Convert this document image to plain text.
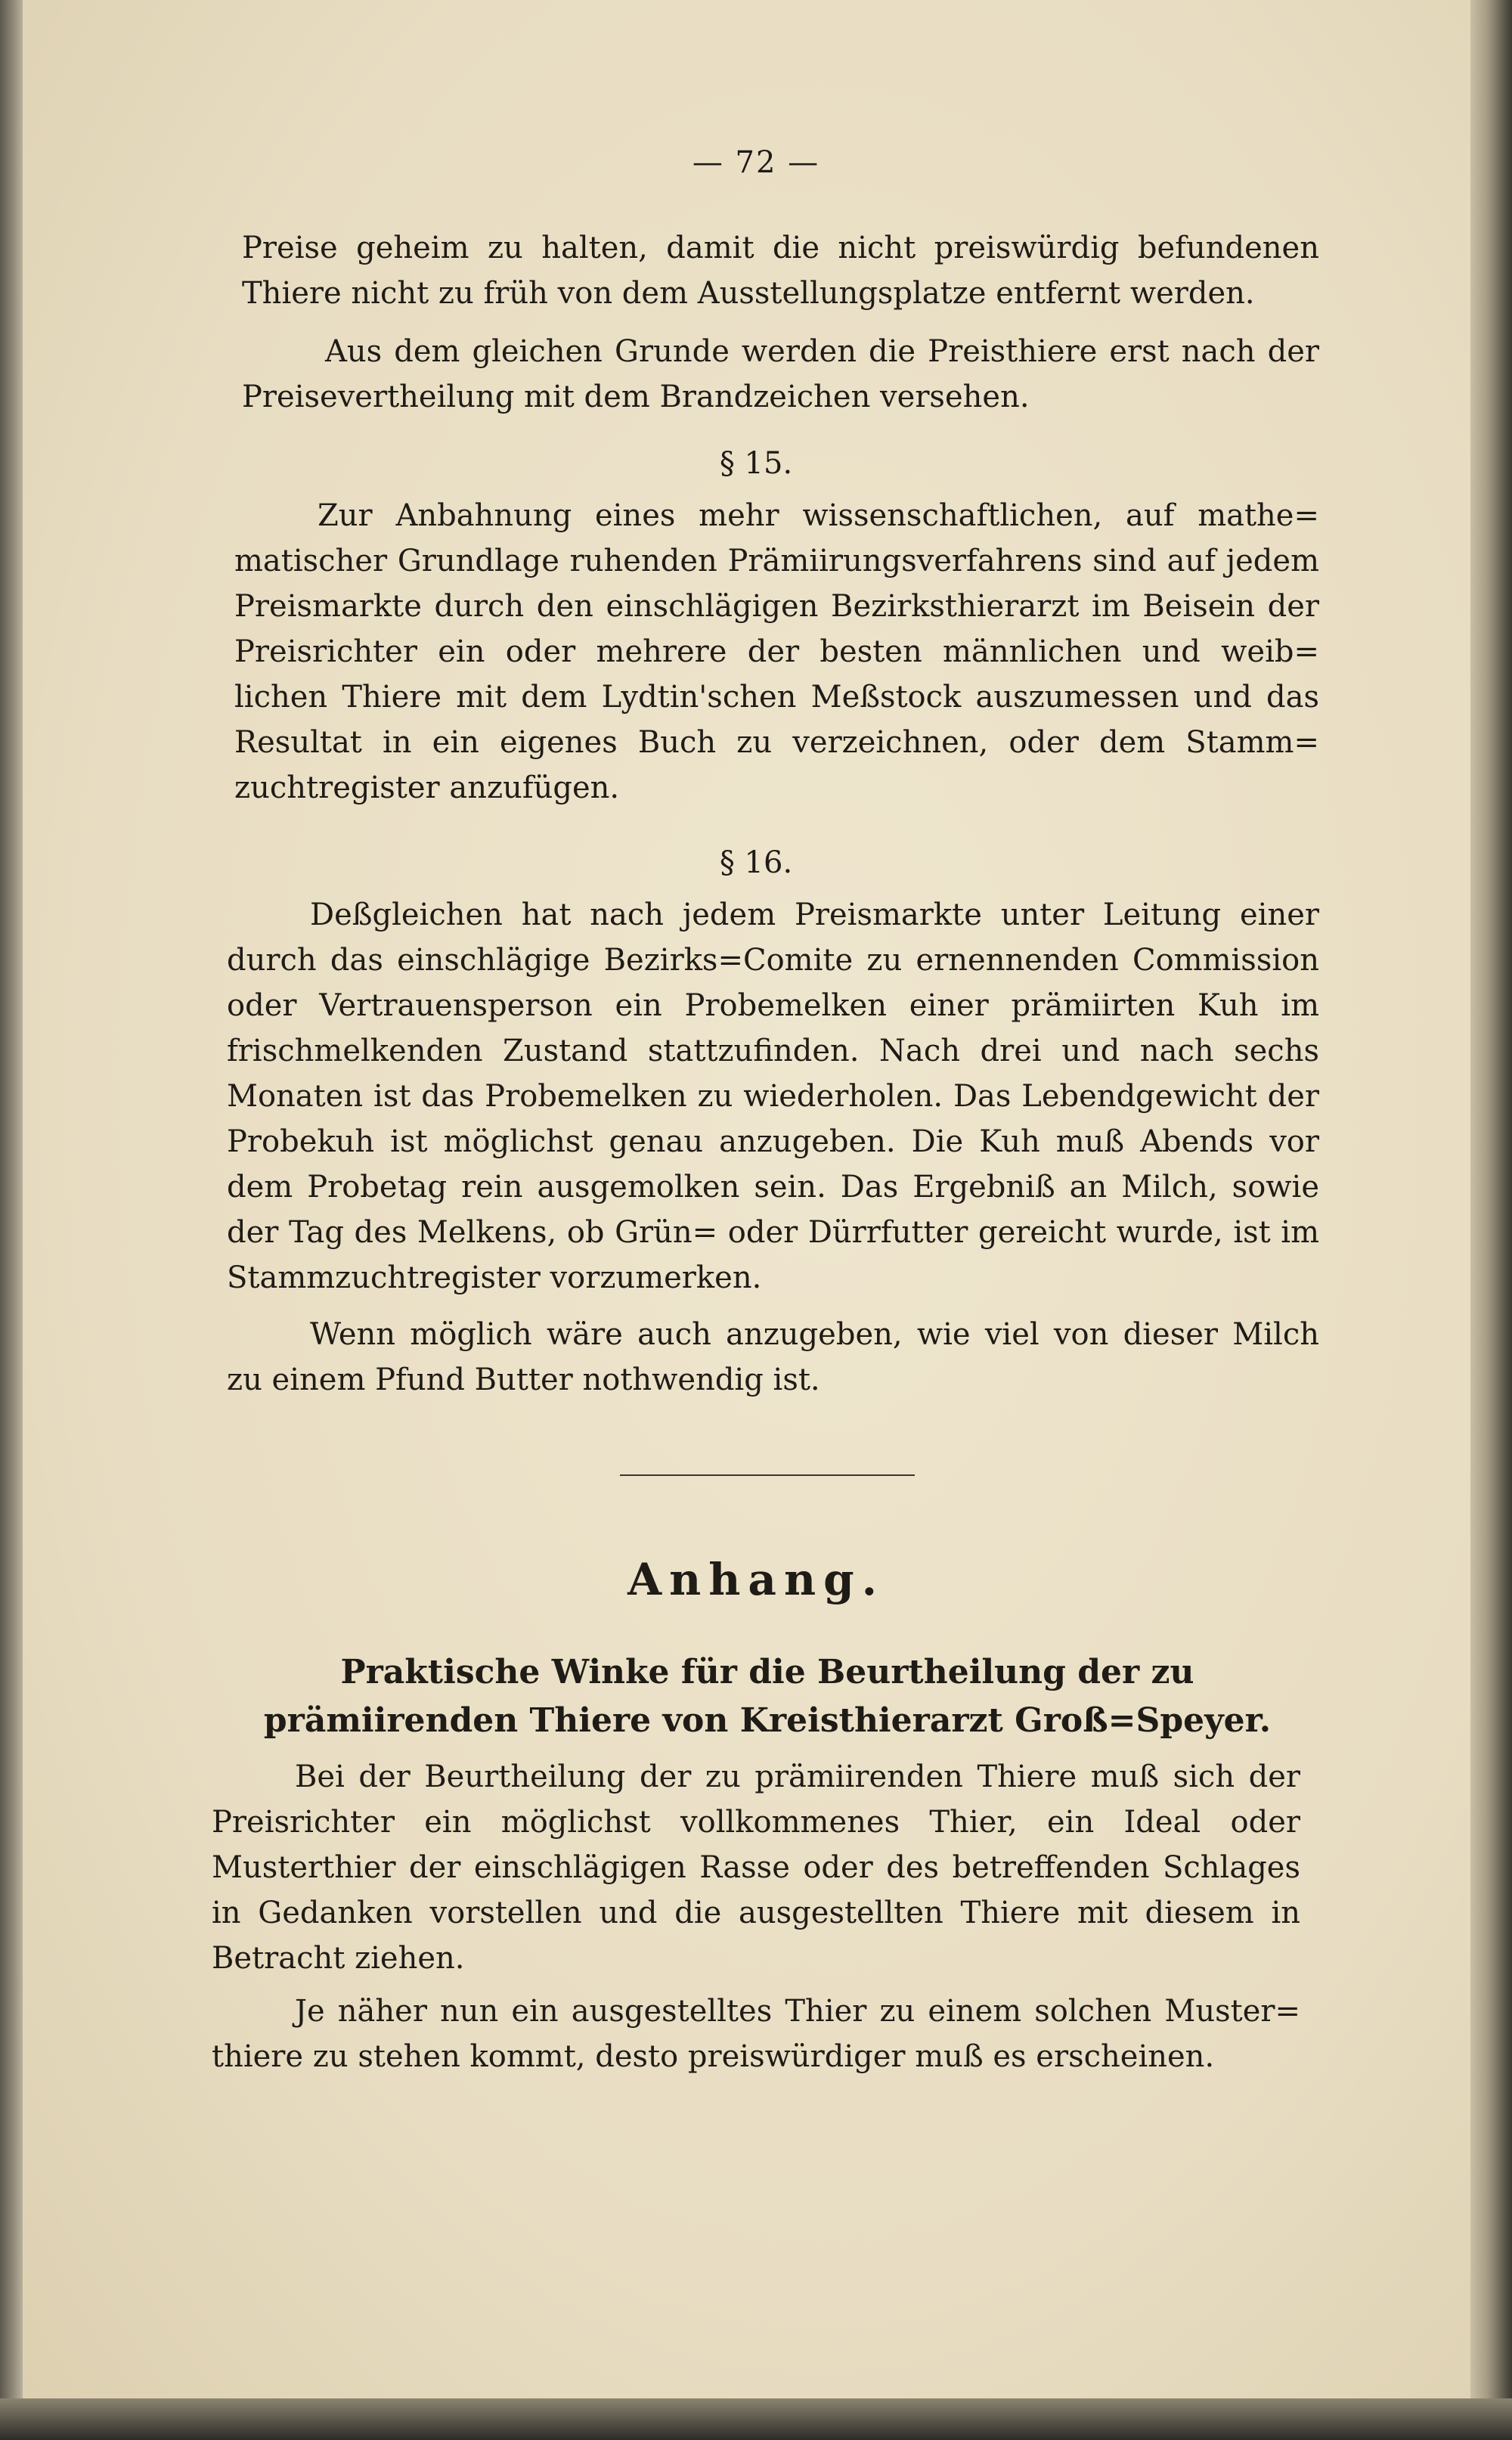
— 72 —

Preise geheim zu halten, damit die nicht preiswürdig befundenen Thiere nicht zu früh von dem Ausstellungsplatze entfernt werden.

Aus dem gleichen Grunde werden die Preisthiere erst nach der Preisevertheilung mit dem Brandzeichen versehen.

§ 15.

Zur Anbahnung eines mehr wissenschaftlichen, auf mathe= matischer Grundlage ruhenden Prämiirungsverfahrens sind auf jedem Preismarkte durch den einschlägigen Bezirksthierarzt im Beisein der Preisrichter ein oder mehrere der besten männlichen und weib= lichen Thiere mit dem Lydtin'schen Meßstock auszumessen und das Resultat in ein eigenes Buch zu verzeichnen, oder dem Stamm= zuchtregister anzufügen.

§ 16.

Deßgleichen hat nach jedem Preismarkte unter Leitung einer durch das einschlägige Bezirks=Comite zu ernennenden Commission oder Vertrauensperson ein Probemelken einer prämiirten Kuh im frischmelkenden Zustand stattzufinden. Nach drei und nach sechs Monaten ist das Probemelken zu wiederholen. Das Lebendgewicht der Probekuh ist möglichst genau anzugeben. Die Kuh muß Abends vor dem Probetag rein ausgemolken sein. Das Ergebniß an Milch, sowie der Tag des Melkens, ob Grün= oder Dürrfutter gereicht wurde, ist im Stammzuchtregister vorzumerken.

Wenn möglich wäre auch anzugeben, wie viel von dieser Milch zu einem Pfund Butter nothwendig ist.

Anhang.
Praktische Winke für die Beurtheilung der zu prämiirenden Thiere von Kreisthierarzt Groß=Speyer.

Bei der Beurtheilung der zu prämiirenden Thiere muß sich der Preisrichter ein möglichst vollkommenes Thier, ein Ideal oder Musterthier der einschlägigen Rasse oder des betreffenden Schlages in Gedanken vorstellen und die ausgestellten Thiere mit diesem in Betracht ziehen.

Je näher nun ein ausgestelltes Thier zu einem solchen Muster= thiere zu stehen kommt, desto preiswürdiger muß es erscheinen.
